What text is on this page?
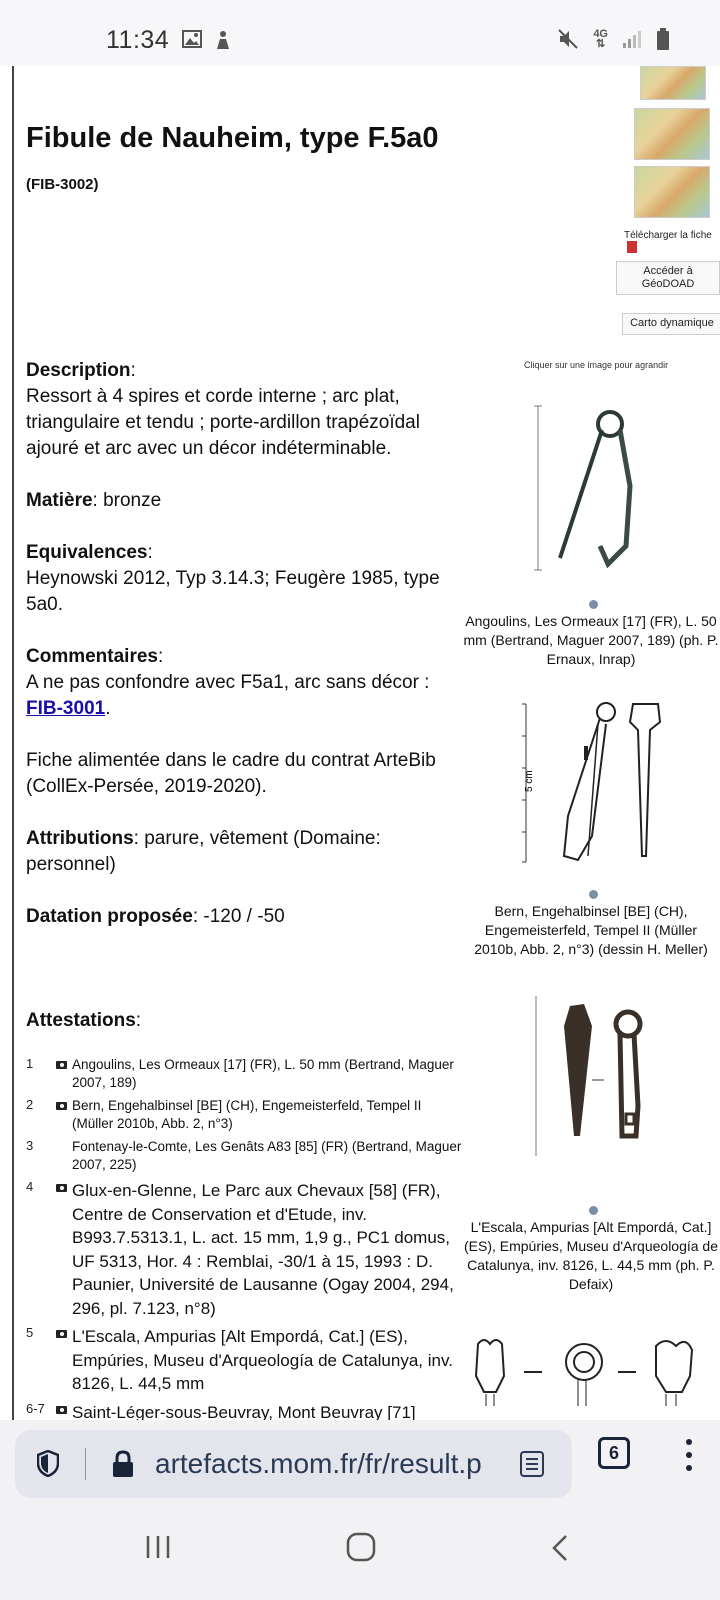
11:34	4G
⇅
Fibule de Nauheim, type F.5a0
(FIB-3002)
Télécharger la fiche
Accéder à GéoDOAD
Carto dynamique
Description:
Ressort à 4 spires et corde interne ; arc plat, triangulaire et tendu ; porte-ardillon trapézoïdal ajouré et arc avec un décor indéterminable.
Matière: bronze
Equivalences:
Heynowski 2012, Typ 3.14.3; Feugère 1985, type 5a0.
Commentaires:
A ne pas confondre avec F5a1, arc sans décor :
FIB-3001.
Fiche alimentée dans le cadre du contrat ArteBib (CollEx-Persée, 2019-2020).
Attributions: parure, vêtement (Domaine: personnel)
Datation proposée: -120 / -50
Attestations:
Cliquer sur une image pour agrandir
Angoulins, Les Ormeaux [17] (FR), L. 50 mm (Bertrand, Maguer 2007, 189) (ph. P. Ernaux, Inrap)
5 cm
Bern, Engehalbinsel [BE] (CH), Engemeisterfeld, Tempel II (Müller 2010b, Abb. 2, n°3) (dessin H. Meller)
L'Escala, Ampurias [Alt Empordá, Cat.] (ES), Empúries, Museu d'Arqueología de Catalunya, inv. 8126, L. 44,5 mm (ph. P. Defaix)
1	Angoulins, Les Ormeaux [17] (FR), L. 50 mm (Bertrand, Maguer 2007, 189)
2	Bern, Engehalbinsel [BE] (CH), Engemeisterfeld, Tempel II (Müller 2010b, Abb. 2, n°3)
3	Fontenay-le-Comte, Les Genâts A83 [85] (FR) (Bertrand, Maguer 2007, 225)
4	Glux-en-Glenne, Le Parc aux Chevaux [58] (FR), Centre de Conservation et d'Etude, inv. B993.7.5313.1, L. act. 15 mm, 1,9 g., PC1 domus, UF 5313, Hor. 4 : Remblai, -30/1 à 15, 1993 : D. Paunier, Université de Lausanne (Ogay 2004, 294, 296, pl. 7.123, n°8)
5	L'Escala, Ampurias [Alt Empordá, Cat.] (ES), Empúries, Museu d'Arqueología de Catalunya, inv. 8126, L. 44,5 mm
6-7	Saint-Léger-sous-Beuvray, Mont Beuvray [71]
artefacts.mom.fr/fr/result.p	6
